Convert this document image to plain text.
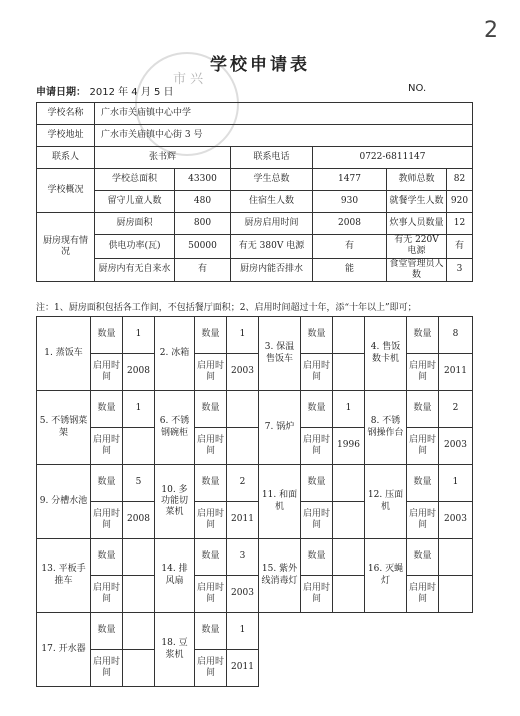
2
市 兴
学校申请表
申请日期： 2012 年 4 月 5 日	NO.
学校名称	广水市关庙镇中心中学					
学校地址	广水市关庙镇中心街 3 号					
联系人	张书辉		联系电话	0722-6811147		
学校概况	学校总面积	43300	学生总数	1477	教师总数	82
	留守儿童人数	480	住宿生人数	930	就餐学生人数	920
厨房现有情况	厨房面积	800	厨房启用时间	2008	炊事人员数量	12
	供电功率(瓦)	50000	有无 380V 电源	有	有无 220V 电源	有
	厨房内有无自来水	有	厨房内能否排水	能	食堂管理员人数	3
注：1、厨房面积包括各工作间，不包括餐厅面积；2、启用时间超过十年，添“十年以上”即可；
1. 蒸饭车	数量	1	2. 冰箱	数量	1	3. 保温售饭车	数量		4. 售饭数卡机	数量	8
	启用时间	2008		启用时间	2003		启用时间			启用时间	2011
5. 不锈钢菜架	数量	1	6. 不锈钢碗柜	数量		7. 锅炉	数量	1	8. 不锈钢操作台	数量	2
	启用时间			启用时间			启用时间	1996		启用时间	2003
9. 分槽水池	数量	5	10. 多功能切菜机	数量	2	11. 和面机	数量		12. 压面机	数量	1
	启用时间	2008		启用时间	2011		启用时间			启用时间	2003
13. 平板手推车	数量		14. 排风扇	数量	3	15. 紫外线消毒灯	数量		16. 灭蝇灯	数量	
	启用时间			启用时间	2003		启用时间			启用时间	
17. 开水器	数量		18. 豆浆机	数量	1						
	启用时间			启用时间	2011						
